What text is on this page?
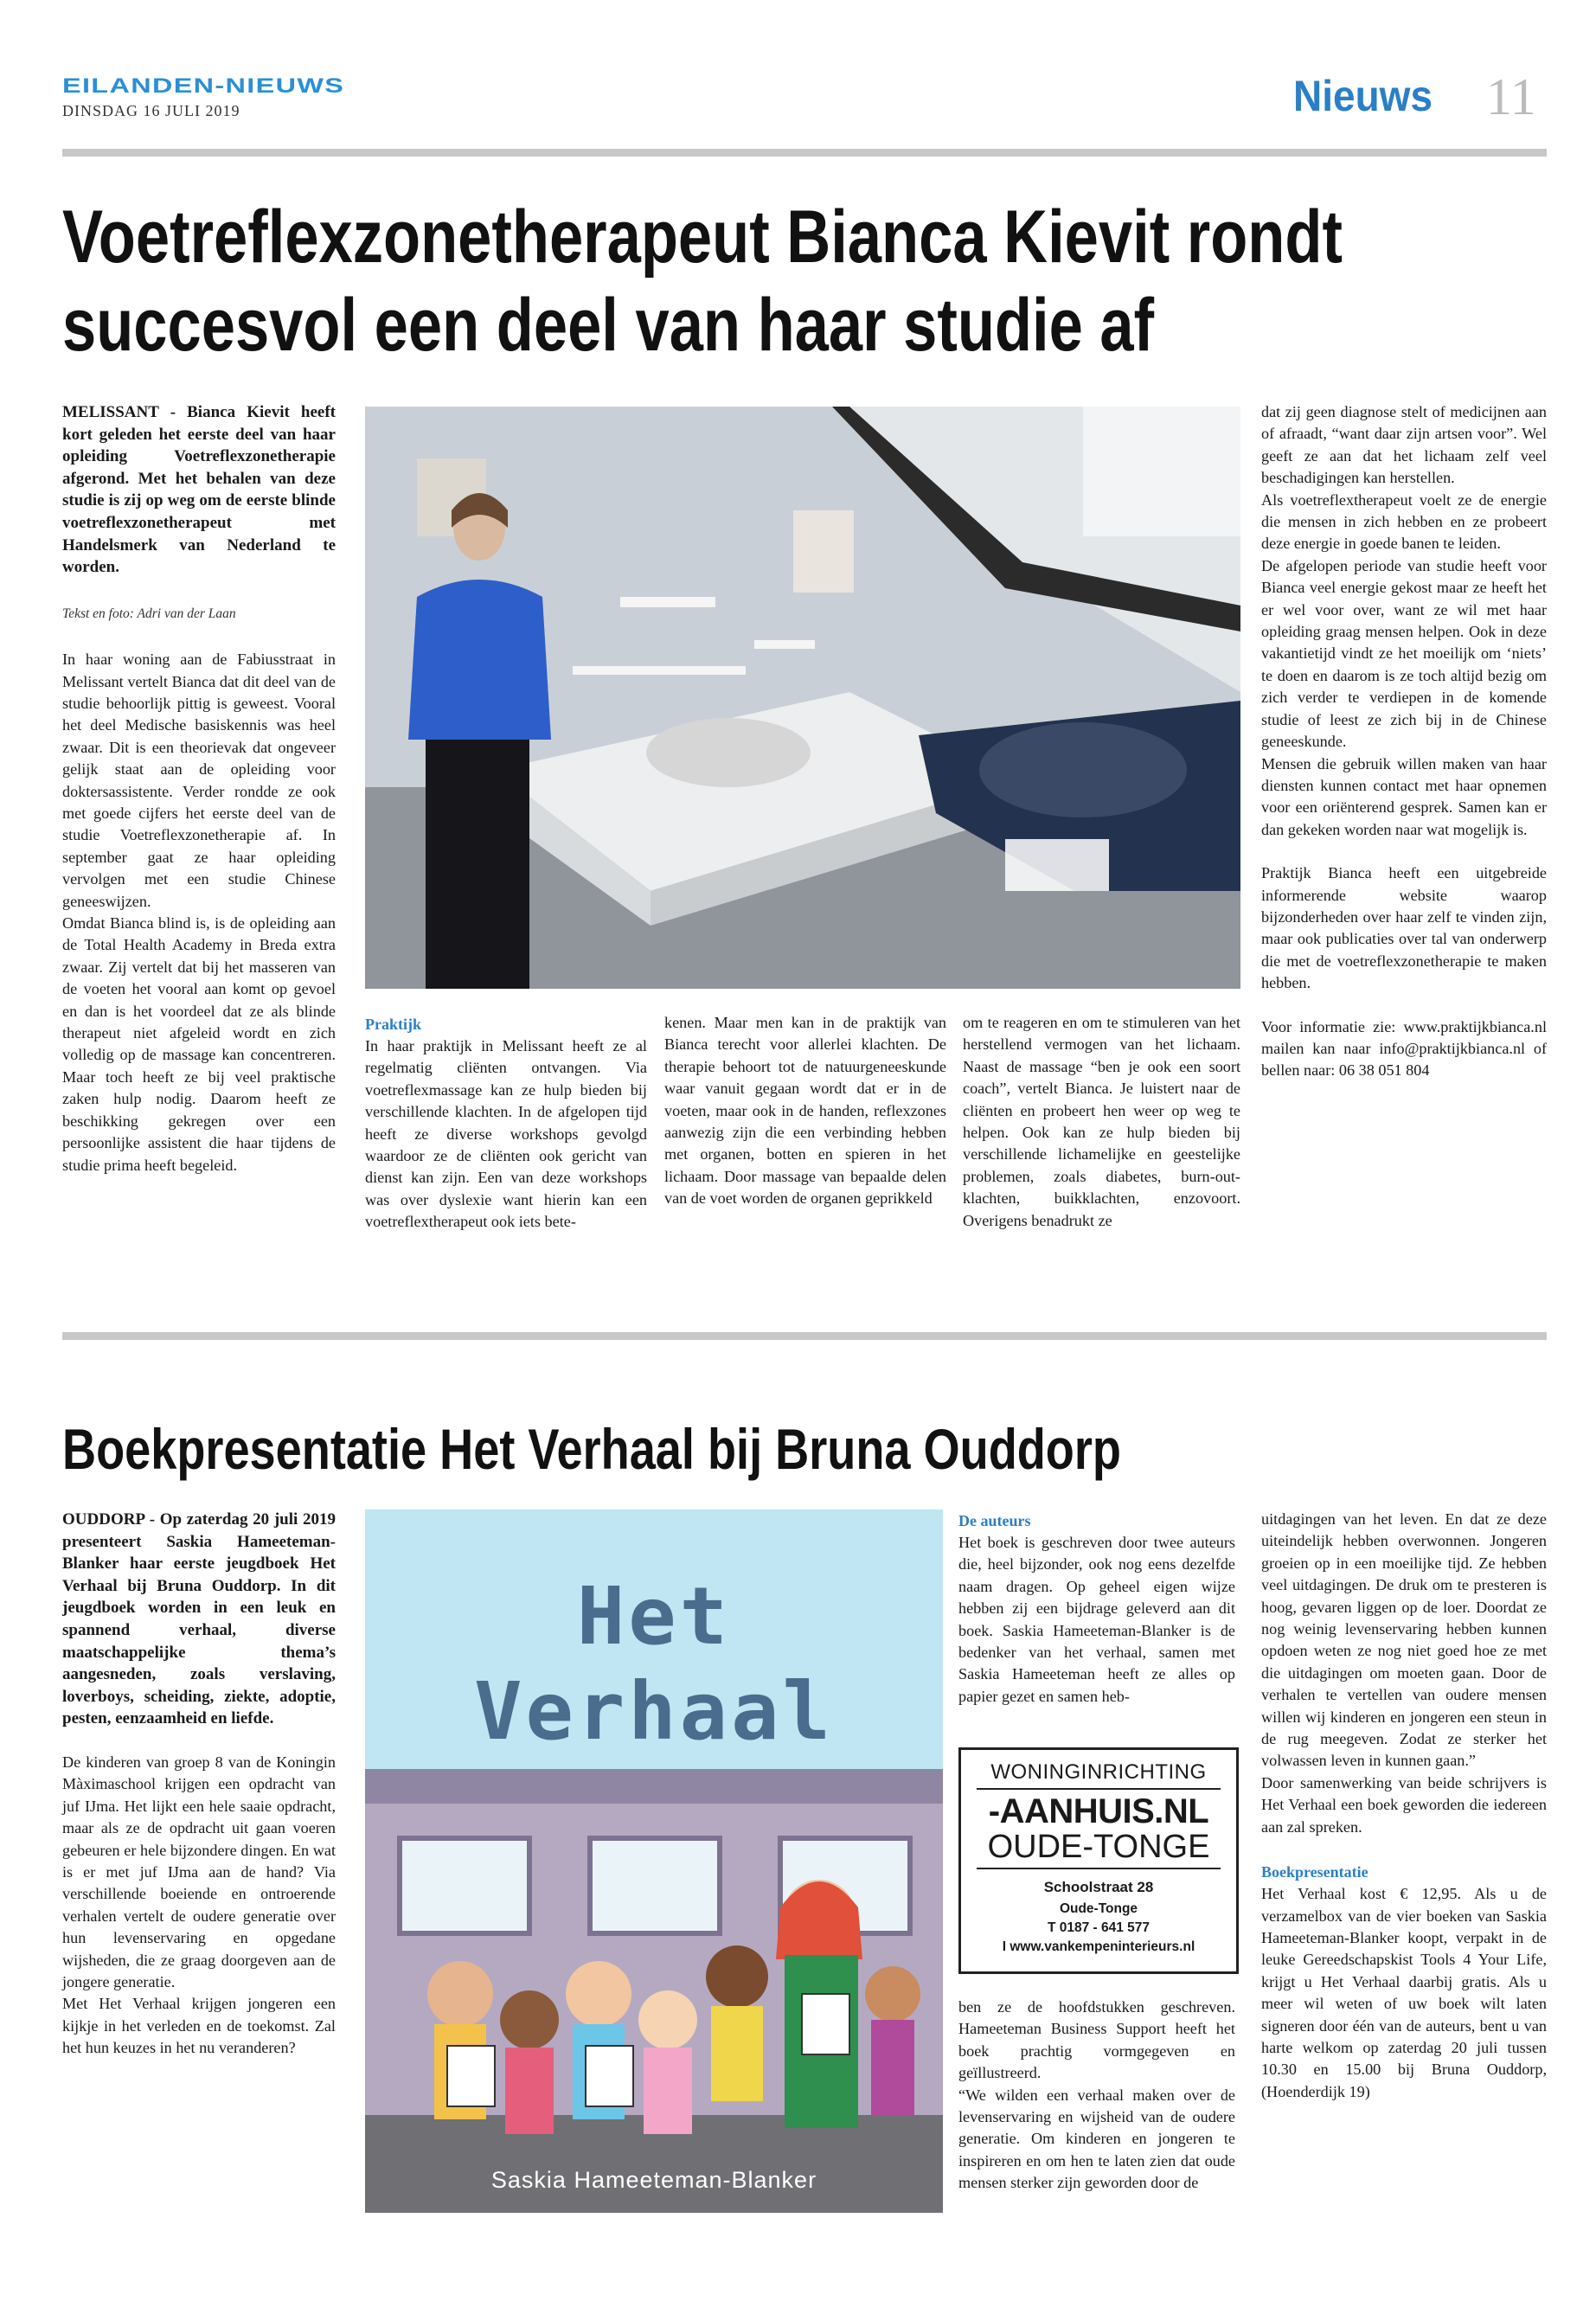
EILANDEN-NIEUWS
DINSDAG 16 JULI 2019	Nieuws 11
Voetreflexzonetherapeut Bianca Kievit rondt
succesvol een deel van haar studie af

MELISSANT - Bianca Kievit heeft kort geleden het eerste deel van haar opleiding Voetreflexzonetherapie afgerond. Met het behalen van deze studie is zij op weg om de eerste blinde voetreflexzonetherapeut met Handelsmerk van Nederland te worden.

Tekst en foto: Adri van der Laan

In haar woning aan de Fabiusstraat in Melissant vertelt Bianca dat dit deel van de studie behoorlijk pittig is geweest. Vooral het deel Medische basiskennis was heel zwaar. Dit is een theorievak dat ongeveer gelijk staat aan de opleiding voor doktersassistente. Verder rondde ze ook met goede cijfers het eerste deel van de studie Voetreflexzonetherapie af. In september gaat ze haar opleiding vervolgen met een studie Chinese geneeswijzen.

Omdat Bianca blind is, is de opleiding aan de Total Health Academy in Breda extra zwaar. Zij vertelt dat bij het masseren van de voeten het vooral aan komt op gevoel en dan is het voordeel dat ze als blinde therapeut niet afgeleid wordt en zich volledig op de massage kan concentreren. Maar toch heeft ze bij veel praktische zaken hulp nodig. Daarom heeft ze beschikking gekregen over een persoonlijke assistent die haar tijdens de studie prima heeft begeleid.

Praktijk

In haar praktijk in Melissant heeft ze al regelmatig cliënten ontvangen. Via voetreflexmassage kan ze hulp bieden bij verschillende klachten. In de afgelopen tijd heeft ze diverse workshops gevolgd waardoor ze de cliënten ook gericht van dienst kan zijn. Een van deze workshops was over dyslexie want hierin kan een voetreflextherapeut ook iets bete-

kenen. Maar men kan in de praktijk van Bianca terecht voor allerlei klachten. De therapie behoort tot de natuurgeneeskunde waar vanuit gegaan wordt dat er in de voeten, maar ook in de handen, reflexzones aanwezig zijn die een verbinding hebben met organen, botten en spieren in het lichaam. Door massage van bepaalde delen van de voet worden de organen geprikkeld

om te reageren en om te stimuleren van het herstellend vermogen van het lichaam. Naast de massage “ben je ook een soort coach”, vertelt Bianca. Je luistert naar de cliënten en probeert hen weer op weg te helpen. Ook kan ze hulp bieden bij verschillende lichamelijke en geestelijke problemen, zoals diabetes, burn-out-klachten, buikklachten, enzovoort. Overigens benadrukt ze

dat zij geen diagnose stelt of medicijnen aan of afraadt, “want daar zijn artsen voor”. Wel geeft ze aan dat het lichaam zelf veel beschadigingen kan herstellen.

Als voetreflextherapeut voelt ze de energie die mensen in zich hebben en ze probeert deze energie in goede banen te leiden.

De afgelopen periode van studie heeft voor Bianca veel energie gekost maar ze heeft het er wel voor over, want ze wil met haar opleiding graag mensen helpen. Ook in deze vakantietijd vindt ze het moeilijk om ‘niets’ te doen en daarom is ze toch altijd bezig om zich verder te verdiepen in de komende studie of leest ze zich bij in de Chinese geneeskunde.

Mensen die gebruik willen maken van haar diensten kunnen contact met haar opnemen voor een oriënterend gesprek. Samen kan er dan gekeken worden naar wat mogelijk is.

Praktijk Bianca heeft een uitgebreide informerende website waarop bijzonderheden over haar zelf te vinden zijn, maar ook publicaties over tal van onderwerp die met de voetreflexzonetherapie te maken hebben.

Voor informatie zie: www.praktijkbianca.nl mailen kan naar info@praktijkbianca.nl of bellen naar: 06 38 051 804

Boekpresentatie Het Verhaal bij Bruna Ouddorp

OUDDORP - Op zaterdag 20 juli 2019 presenteert Saskia Hameeteman-Blanker haar eerste jeugdboek Het Verhaal bij Bruna Ouddorp. In dit jeugdboek worden in een leuk en spannend verhaal, diverse maatschappelijke thema’s aangesneden, zoals verslaving, loverboys, scheiding, ziekte, adoptie, pesten, eenzaamheid en liefde.

De kinderen van groep 8 van de Koningin Màximaschool krijgen een opdracht van juf IJma. Het lijkt een hele saaie opdracht, maar als ze de opdracht uit gaan voeren gebeuren er hele bijzondere dingen. En wat is er met juf IJma aan de hand? Via verschillende boeiende en ontroerende verhalen vertelt de oudere generatie over hun levenservaring en opgedane wijsheden, die ze graag doorgeven aan de jongere generatie.

Met Het Verhaal krijgen jongeren een kijkje in het verleden en de toekomst. Zal het hun keuzes in het nu veranderen?

Het
Verhaal
Saskia Hameeteman-Blanker

De auteurs

Het boek is geschreven door twee auteurs die, heel bijzonder, ook nog eens dezelfde naam dragen. Op geheel eigen wijze hebben zij een bijdrage geleverd aan dit boek. Saskia Hameeteman-Blanker is de bedenker van het verhaal, samen met Saskia Hameeteman heeft ze alles op papier gezet en samen heb-

WONINGINRICHTING
-AANHUIS.NL
OUDE-TONGE
Schoolstraat 28
Oude-Tonge
T 0187 - 641 577
I www.vankempeninterieurs.nl

ben ze de hoofdstukken geschreven. Hameeteman Business Support heeft het boek prachtig vormgegeven en geïllustreerd.

“We wilden een verhaal maken over de levenservaring en wijsheid van de oudere generatie. Om kinderen en jongeren te inspireren en om hen te laten zien dat oude mensen sterker zijn geworden door de

uitdagingen van het leven. En dat ze deze uiteindelijk hebben overwonnen. Jongeren groeien op in een moeilijke tijd. Ze hebben veel uitdagingen. De druk om te presteren is hoog, gevaren liggen op de loer. Doordat ze nog weinig levenservaring hebben kunnen opdoen weten ze nog niet goed hoe ze met die uitdagingen om moeten gaan. Door de verhalen te vertellen van oudere mensen willen wij kinderen en jongeren een steun in de rug meegeven. Zodat ze sterker het volwassen leven in kunnen gaan.”

Door samenwerking van beide schrijvers is Het Verhaal een boek geworden die iedereen aan zal spreken.

Boekpresentatie

Het Verhaal kost € 12,95. Als u de verzamelbox van de vier boeken van Saskia Hameeteman-Blanker koopt, verpakt in de leuke Gereedschapskist Tools 4 Your Life, krijgt u Het Verhaal daarbij gratis. Als u meer wil weten of uw boek wilt laten signeren door één van de auteurs, bent u van harte welkom op zaterdag 20 juli tussen 10.30 en 15.00 bij Bruna Ouddorp, (Hoenderdijk 19)
